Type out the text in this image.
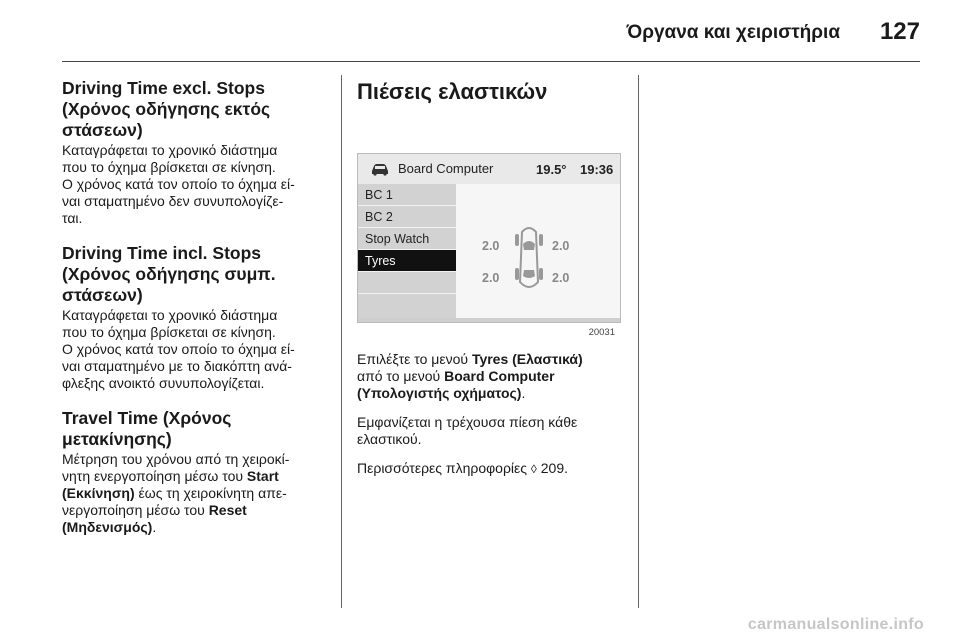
Όργανα και χειριστήρια 127
Driving Time excl. Stops
(Χρόνος οδήγησης εκτός
στάσεων)
Καταγράφεται το χρονικό διάστημα
που το όχημα βρίσκεται σε κίνηση.
Ο χρόνος κατά τον οποίο το όχημα εί-
ναι σταματημένο δεν συνυπολογίζε-
ται.
Driving Time incl. Stops
(Χρόνος οδήγησης συμπ.
στάσεων)
Καταγράφεται το χρονικό διάστημα
που το όχημα βρίσκεται σε κίνηση.
Ο χρόνος κατά τον οποίο το όχημα εί-
ναι σταματημένο με το διακόπτη ανά-
φλεξης ανοικτό συνυπολογίζεται.
Travel Time (Χρόνος
μετακίνησης)
Μέτρηση του χρόνου από τη χειροκί-
νητη ενεργοποίηση μέσω του Start
(Εκκίνηση) έως τη χειροκίνητη απε-
νεργοποίηση μέσω του Reset
(Μηδενισμός).
Πιέσεις ελαστικών
Board Computer	19.5° 19:36
BC 1
BC 2
Stop Watch
Tyres
2.0	2.0
2.0	2.0
20031
Επιλέξτε το μενού Tyres (Ελαστικά)
από το μενού Board Computer
(Υπολογιστής οχήματος).
Εμφανίζεται η τρέχουσα πίεση κάθε
ελαστικού.
Περισσότερες πληροφορίες ◊ 209.
carmanualsonline.info
